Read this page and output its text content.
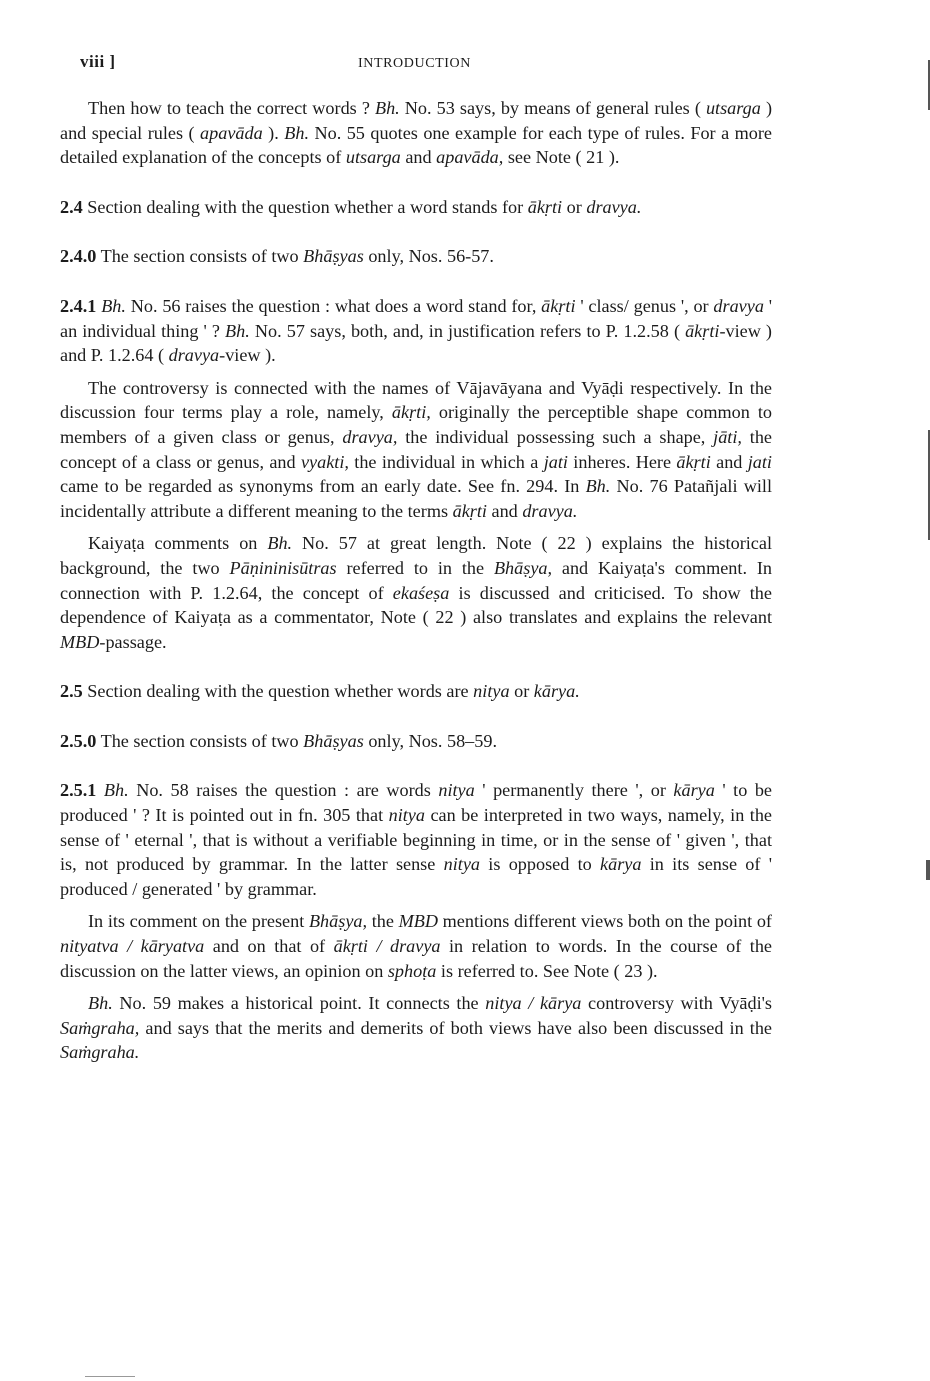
viii ]	INTRODUCTION

Then how to teach the correct words ? Bh. No. 53 says, by means of general rules ( utsarga ) and special rules ( apavāda ). Bh. No. 55 quotes one example for each type of rules. For a more detailed explanation of the concepts of utsarga and apavāda, see Note ( 21 ).

2.4 Section dealing with the question whether a word stands for ākṛti or dravya.

2.4.0 The section consists of two Bhāṣyas only, Nos. 56-57.

2.4.1 Bh. No. 56 raises the question : what does a word stand for, ākṛti ' class/ genus ', or dravya ' an individual thing ' ? Bh. No. 57 says, both, and, in justification refers to P. 1.2.58 ( ākṛti-view ) and P. 1.2.64 ( dravya-view ).

The controversy is connected with the names of Vājavāyana and Vyāḍi respectively. In the discussion four terms play a role, namely, ākṛti, originally the perceptible shape common to members of a given class or genus, dravya, the individual possessing such a shape, jāti, the concept of a class or genus, and vyakti, the individual in which a jati inheres. Here ākṛti and jati came to be regarded as synonyms from an early date. See fn. 294. In Bh. No. 76 Patañjali will incidentally attribute a different meaning to the terms ākṛti and dravya.

Kaiyaṭa comments on Bh. No. 57 at great length. Note ( 22 ) explains the historical background, the two Pāṇininisūtras referred to in the Bhāṣya, and Kaiyaṭa's comment. In connection with P. 1.2.64, the concept of ekaśeṣa is discussed and criticised. To show the dependence of Kaiyaṭa as a commentator, Note ( 22 ) also translates and explains the relevant MBD-passage.

2.5 Section dealing with the question whether words are nitya or kārya.

2.5.0 The section consists of two Bhāṣyas only, Nos. 58–59.

2.5.1 Bh. No. 58 raises the question : are words nitya ' permanently there ', or kārya ' to be produced ' ? It is pointed out in fn. 305 that nitya can be interpreted in two ways, namely, in the sense of ' eternal ', that is without a verifiable beginning in time, or in the sense of ' given ', that is, not produced by grammar. In the latter sense nitya is opposed to kārya in its sense of ' produced / generated ' by grammar.

In its comment on the present Bhāṣya, the MBD mentions different views both on the point of nityatva / kāryatva and on that of ākṛti / dravya in relation to words. In the course of the discussion on the latter views, an opinion on sphoṭa is referred to. See Note ( 23 ).

Bh. No. 59 makes a historical point. It connects the nitya / kārya controversy with Vyāḍi's Saṁgraha, and says that the merits and demerits of both views have also been discussed in the Saṁgraha.
